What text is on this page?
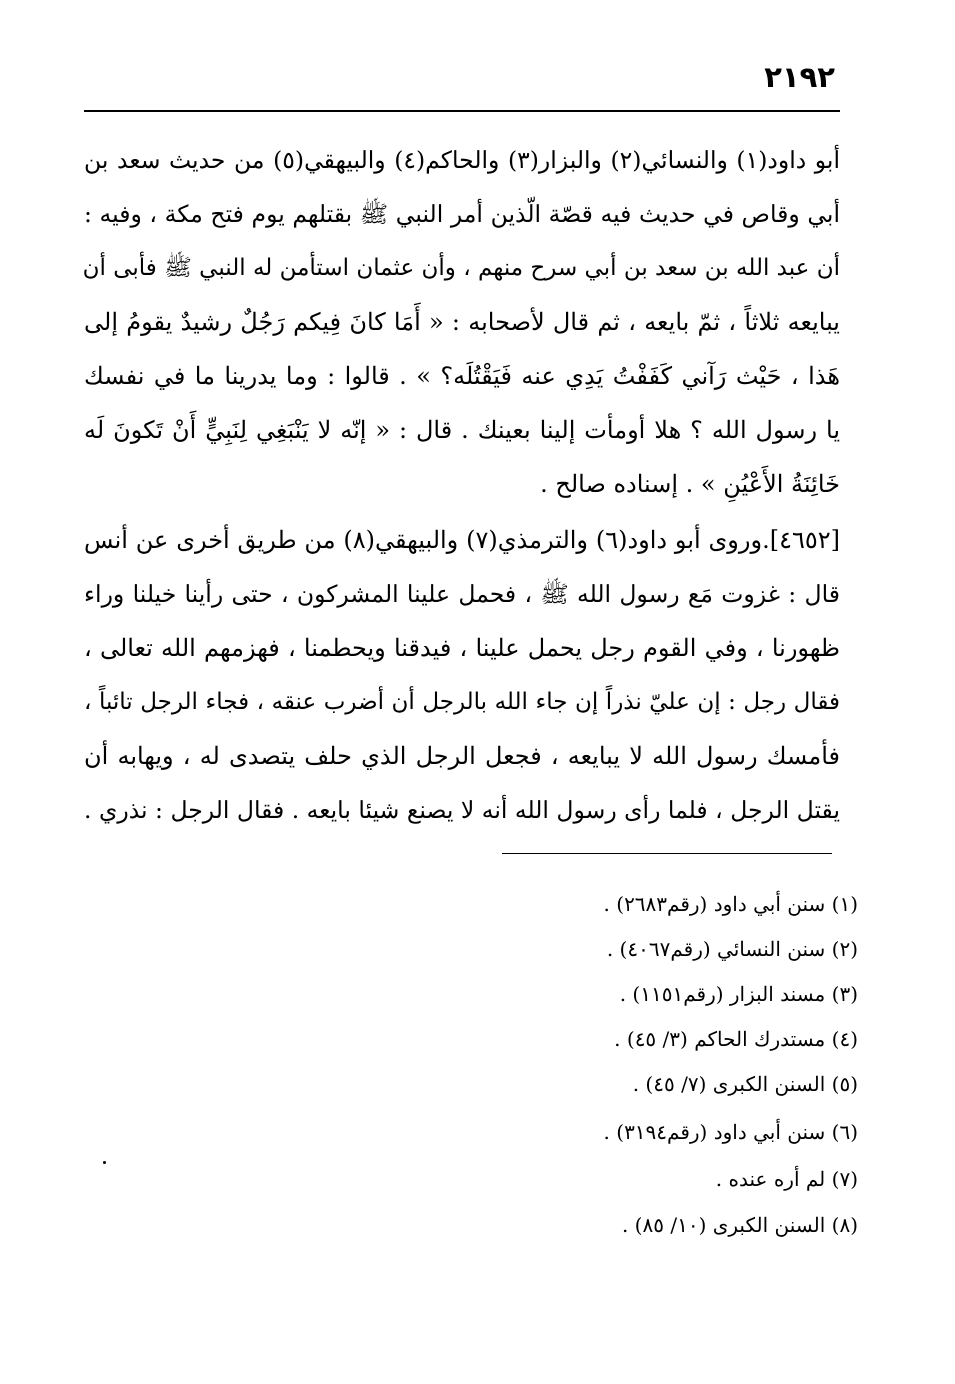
٢١٩٢
أبو داود(١) والنسائي(٢) والبزار(٣) والحاكم(٤) والبيهقي(٥) من حديث سعد بن
أبي وقاص في حديث فيه قصّة الّذين أمر النبي ﷺ بقتلهم يوم فتح مكة ، وفيه :
أن عبد الله بن سعد بن أبي سرح منهم ، وأن عثمان استأمن له النبي ﷺ فأبى أن
يبايعه ثلاثاً ، ثمّ بايعه ، ثم قال لأصحابه : « أَمَا كانَ فِيكم رَجُلٌ رشيدٌ يقومُ إلى
هَذا ، حَيْث رَآني كَفَفْتُ يَدِي عنه فَيَقْتُلَه؟ » . قالوا : وما يدرينا ما في نفسك
يا رسول الله ؟ هلا أومأت إلينا بعينك . قال : « إنّه لا يَنْبَغِي لِنَبِيٍّ أَنْ تَكونَ لَه
خَائِنَةُ الأَعْيُنِ » . إسناده صالح .
[٤٦٥٢].وروى أبو داود(٦) والترمذي(٧) والبيهقي(٨) من طريق أخرى عن أنس
قال : غزوت مَع رسول الله ﷺ ، فحمل علينا المشركون ، حتى رأينا خيلنا وراء
ظهورنا ، وفي القوم رجل يحمل علينا ، فيدقنا ويحطمنا ، فهزمهم الله تعالى ،
فقال رجل : إن عليّ نذراً إن جاء الله بالرجل أن أضرب عنقه ، فجاء الرجل تائباً ،
فأمسك رسول الله لا يبايعه ، فجعل الرجل الذي حلف يتصدى له ، ويهابه أن
يقتل الرجل ، فلما رأى رسول الله أنه لا يصنع شيئا بايعه . فقال الرجل : نذري .
(١) سنن أبي داود (رقم٢٦٨٣) .
(٢) سنن النسائي (رقم٤٠٦٧) .
(٣) مسند البزار (رقم١١٥١) .
(٤) مستدرك الحاكم (٣/ ٤٥) .
(٥) السنن الكبرى (٧/ ٤٥) .
(٦) سنن أبي داود (رقم٣١٩٤) .
(٧) لم أره عنده .
(٨) السنن الكبرى (١٠/ ٨٥) .
